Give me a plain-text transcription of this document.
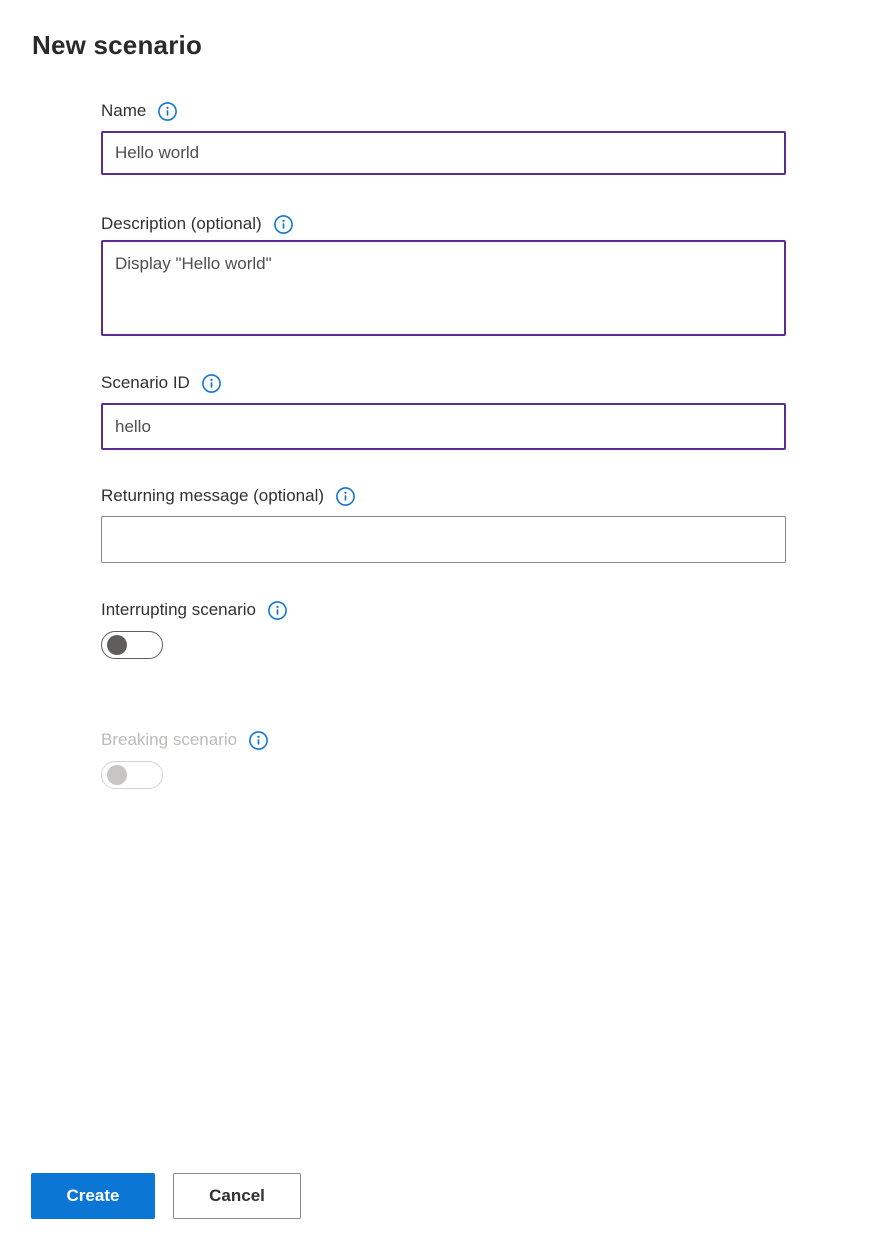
New scenario
Name
Hello world
Description (optional)
Display "Hello world"
Scenario ID
hello
Returning message (optional)
Interrupting scenario
Breaking scenario
Create	Cancel
